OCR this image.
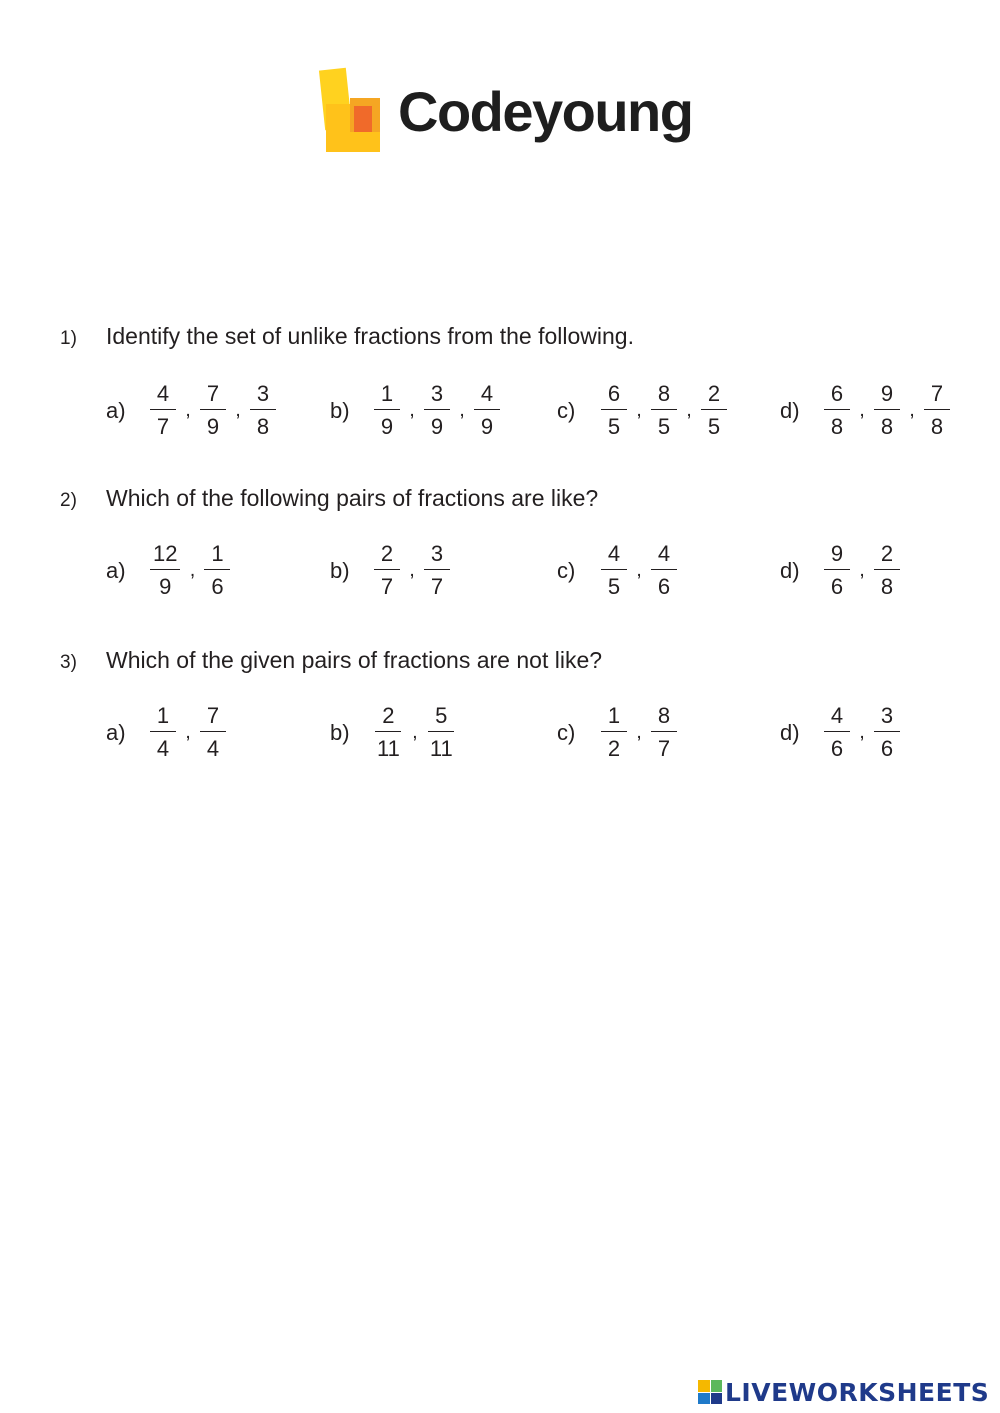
Codeyoung
1) Identify the set of unlike fractions from the following.
a)	$\frac{4}{7}$ , $\frac{7}{9}$ , $\frac{3}{8} b$)	$\frac{1}{9}$ , $\frac{3}{9}$ , $\frac{4}{9}$	c)	$\frac{6}{5}$ , $\frac{8}{5}$ , $\frac{2}{5} d$)	$\frac{6}{8}$ , $\frac{9}{8}$ , $\frac{7}{8}$
2) Which of the following pairs of fractions are like?
a)	$\frac{12}{9}$ , $\frac{1}{6}$	b)	$\frac{2}{7}$ , $\frac{3}{7}$	c)	$\frac{4}{5}$ , $\frac{4}{6}$	d)	$\frac{9}{6}$ , $\frac{2}{8}$
3) Which of the given pairs of fractions are not like?
a)	$\frac{1}{4}$ , $\frac{7}{4}$	b)	$\frac{2}{11}$ , $\frac{5}{11}$	c)	$\frac{1}{2}$ , $\frac{8}{7}$	d)	$\frac{4}{6}$ , $\frac{3}{6}$
LIVEWORKSHEETS
